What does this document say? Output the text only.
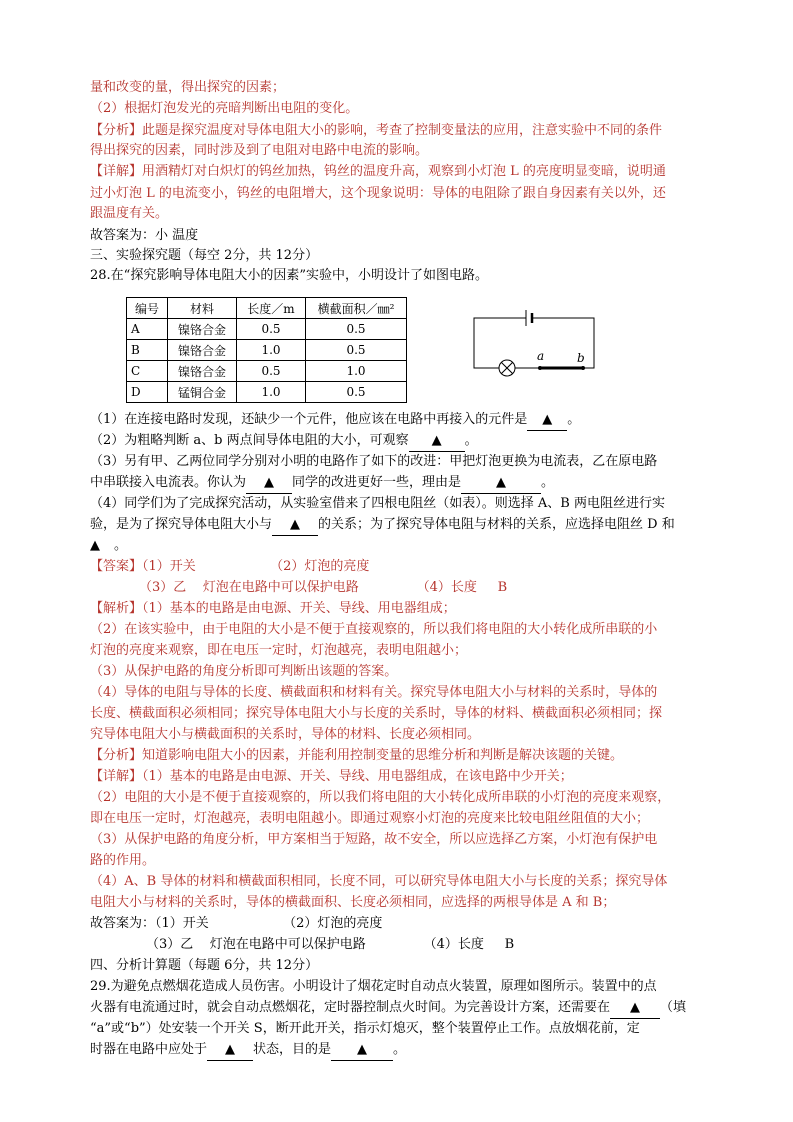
量和改变的量，得出探究的因素；
（2）根据灯泡发光的亮暗判断出电阻的变化。
【分析】此题是探究温度对导体电阻大小的影响，考查了控制变量法的应用，注意实验中不同的条件
得出探究的因素，同时涉及到了电阻对电路中电流的影响。
【详解】用酒精灯对白炽灯的钨丝加热，钨丝的温度升高，观察到小灯泡 L 的亮度明显变暗，说明通
过小灯泡 L 的电流变小，钨丝的电阻增大，这个现象说明：导体的电阻除了跟自身因素有关以外，还
跟温度有关。
故答案为：小 温度
三、实验探究题（每空 2分，共 12分）
28.在“探究影响导体电阻大小的因素”实验中，小明设计了如图电路。
编号	材料	长度／m	横截面积／㎜²
A	镍铬合金	0.5	0.5
B	镍铬合金	1.0	0.5
C	镍铬合金	0.5	1.0
D	锰铜合金	1.0	0.5
a	b
（1）在连接电路时发现，还缺少一个元件，他应该在电路中再接入的元件是 ▲ 。
（2）为粗略判断 a、b 两点间导体电阻的大小，可观察 ▲ 。
（3）另有甲、乙两位同学分别对小明的电路作了如下的改进：甲把灯泡更换为电流表，乙在原电路
中串联接入电流表。你认为 ▲ 同学的改进更好一些，理由是	▲	。
（4）同学们为了完成探究活动，从实验室借来了四根电阻丝（如表）。则选择 A、B 两电阻丝进行实
验，是为了探究导体电阻大小与 ▲ 的关系；为了探究导体电阻与材料的关系，应选择电阻丝 D 和
▲ 。
【答案】（1）开关                  （2）灯泡的亮度
（3）乙    灯泡在电路中可以保护电路              （4）长度     B
【解析】（1）基本的电路是由电源、开关、导线、用电器组成；
（2）在该实验中，由于电阻的大小是不便于直接观察的，所以我们将电阻的大小转化成所串联的小
灯泡的亮度来观察，即在电压一定时，灯泡越亮，表明电阻越小；
（3）从保护电路的角度分析即可判断出该题的答案。
（4）导体的电阻与导体的长度、横截面积和材料有关。探究导体电阻大小与材料的关系时，导体的
长度、横截面积必须相同；探究导体电阻大小与长度的关系时，导体的材料、横截面积必须相同；探
究导体电阻大小与横截面积的关系时，导体的材料、长度必须相同。
【分析】知道影响电阻大小的因素，并能利用控制变量的思维分析和判断是解决该题的关键。
【详解】（1）基本的电路是由电源、开关、导线、用电器组成，在该电路中少开关；
（2）电阻的大小是不便于直接观察的，所以我们将电阻的大小转化成所串联的小灯泡的亮度来观察，
即在电压一定时，灯泡越亮，表明电阻越小。即通过观察小灯泡的亮度来比较电阻丝阻值的大小；
（3）从保护电路的角度分析，甲方案相当于短路，故不安全，所以应选择乙方案，小灯泡有保护电
路的作用。
（4）A、B 导体的材料和横截面积相同，长度不同，可以研究导体电阻大小与长度的关系；探究导体
电阻大小与材料的关系时，导体的横截面积、长度必须相同，应选择的两根导体是 A 和 B；
故答案为：（1）开关                  （2）灯泡的亮度
（3）乙    灯泡在电路中可以保护电路              （4）长度     B
四、分析计算题（每题 6分，共 12分）
29.为避免点燃烟花造成人员伤害。小明设计了烟花定时自动点火装置，原理如图所示。装置中的点
火器有电流通过时，就会自动点燃烟花，定时器控制点火时间。为完善设计方案，还需要在 ▲ （填
“a”或“b”）处安装一个开关 S，断开此开关，指示灯熄灭，整个装置停止工作。点放烟花前，定
时器在电路中应处于 ▲ 状态，目的是 ▲ 。
